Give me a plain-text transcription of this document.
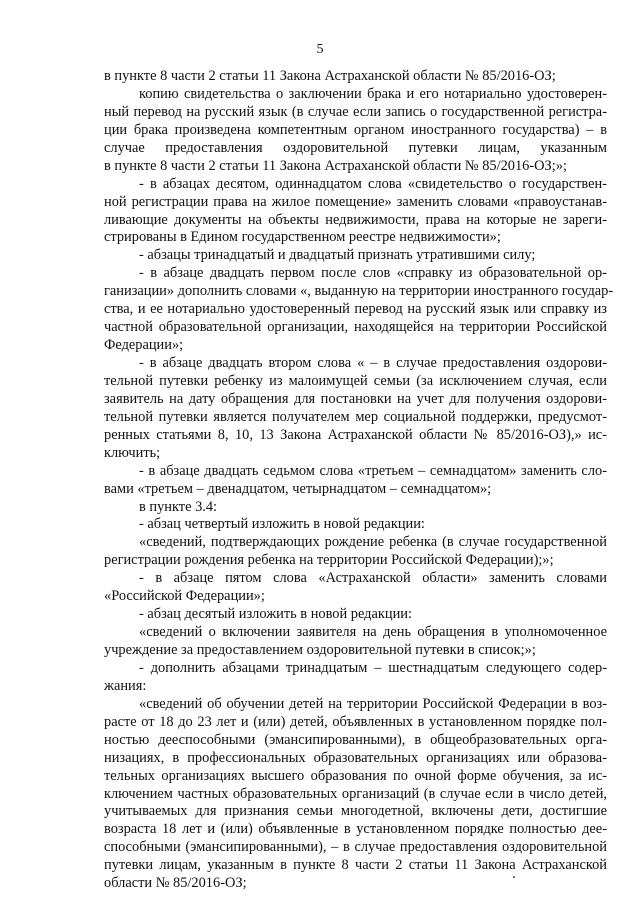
5
в пункте 8 части 2 статьи 11 Закона Астраханской области № 85/2016-ОЗ;
копию свидетельства о заключении брака и его нотариально удостоверен-
ный перевод на русский язык (в случае если запись о государственной регистра-
ции брака произведена компетентным органом иностранного государства) – в
случае предоставления оздоровительной путевки лицам, указанным
в пункте 8 части 2 статьи 11 Закона Астраханской области № 85/2016-ОЗ;»;
- в абзацах десятом, одиннадцатом слова «свидетельство о государствен-
ной регистрации права на жилое помещение» заменить словами «правоустанав-
ливающие документы на объекты недвижимости, права на которые не зареги-
стрированы в Едином государственном реестре недвижимости»;
- абзацы тринадцатый и двадцатый признать утратившими силу;
- в абзаце двадцать первом после слов «справку из образовательной ор-
ганизации» дополнить словами «, выданную на территории иностранного государ-
ства, и ее нотариально удостоверенный перевод на русский язык или справку из
частной образовательной организации, находящейся на территории Российской
Федерации»;
- в абзаце двадцать втором слова « – в случае предоставления оздорови-
тельной путевки ребенку из малоимущей семьи (за исключением случая, если
заявитель на дату обращения для постановки на учет для получения оздорови-
тельной путевки является получателем мер социальной поддержки, предусмот-
ренных статьями 8, 10, 13 Закона Астраханской области № 85/2016-ОЗ),» ис-
ключить;
- в абзаце двадцать седьмом слова «третьем – семнадцатом» заменить сло-
вами «третьем – двенадцатом, четырнадцатом – семнадцатом»;
в пункте 3.4:
- абзац четвертый изложить в новой редакции:
«сведений, подтверждающих рождение ребенка (в случае государственной
регистрации рождения ребенка на территории Российской Федерации);»;
- в абзаце пятом слова «Астраханской области» заменить словами
«Российской Федерации»;
- абзац десятый изложить в новой редакции:
«сведений о включении заявителя на день обращения в уполномоченное
учреждение за предоставлением оздоровительной путевки в список;»;
- дополнить абзацами тринадцатым – шестнадцатым следующего содер-
жания:
«сведений об обучении детей на территории Российской Федерации в воз-
расте от 18 до 23 лет и (или) детей, объявленных в установленном порядке пол-
ностью дееспособными (эмансипированными), в общеобразовательных орга-
низациях, в профессиональных образовательных организациях или образова-
тельных организациях высшего образования по очной форме обучения, за ис-
ключением частных образовательных организаций (в случае если в число детей,
учитываемых для признания семьи многодетной, включены дети, достигшие
возраста 18 лет и (или) объявленные в установленном порядке полностью дее-
способными (эмансипированными), – в случае предоставления оздоровительной
путевки лицам, указанным в пункте 8 части 2 статьи 11 Закона Астраханской
области № 85/2016-ОЗ;
